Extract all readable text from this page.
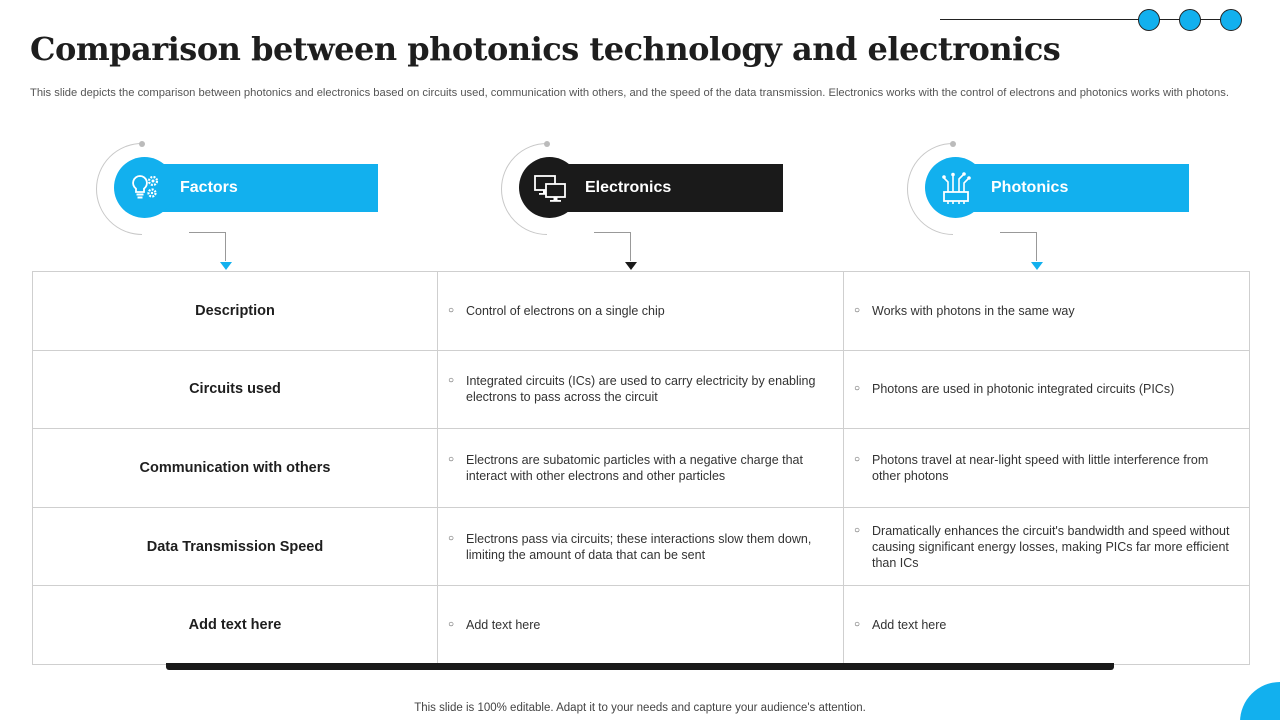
Comparison between photonics technology and electronics
This slide depicts the comparison between photonics and electronics based on circuits used, communication with others, and the speed of the data transmission. Electronics works with the control of electrons and photonics works with photons.
Factors	Electronics	Photonics
Description	○ Control of electrons on a single chip	○ Works with photons in the same way

Circuits used	○ Integrated circuits (ICs) are used to carry electricity by enabling electrons to pass across the circuit	○ Photons are used in photonic integrated circuits (PICs)

Communication with others	○ Electrons are subatomic particles with a negative charge that interact with other electrons and other particles	○ Photons travel at near-light speed with little interference from other photons

Data Transmission Speed	○ Electrons pass via circuits; these interactions slow them down, limiting the amount of data that can be sent	○ Dramatically enhances the circuit's bandwidth and speed without causing significant energy losses, making PICs far more efficient than ICs

Add text here	○ Add text here	○ Add text here
This slide is 100% editable. Adapt it to your needs and capture your audience's attention.
